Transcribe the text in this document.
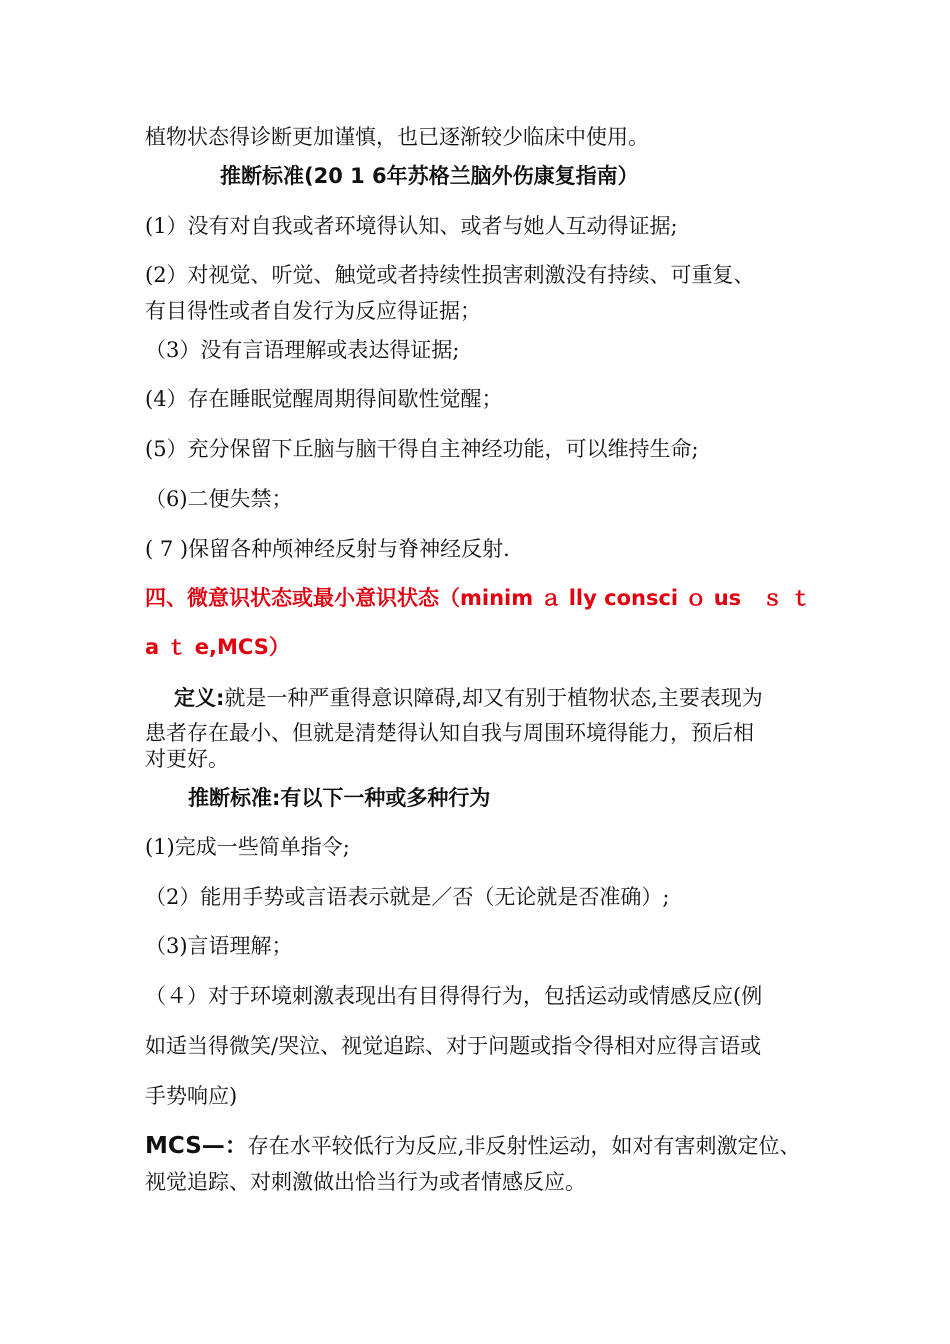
植物状态得诊断更加谨慎，也已逐渐较少临床中使用。

推断标准(20 1 6年苏格兰脑外伤康复指南）

(1）没有对自我或者环境得认知、或者与她人互动得证据;

(2）对视觉、听觉、触觉或者持续性损害刺激没有持续、可重复、

有目得性或者自发行为反应得证据；

（3）没有言语理解或表达得证据;

(4）存在睡眠觉醒周期得间歇性觉醒；

(5）充分保留下丘脑与脑干得自主神经功能，可以维持生命;

（6)二便失禁；

( 7 )保留各种颅神经反射与脊神经反射.

四、微意识状态或最小意识状态（minim ａ lly consci ｏ us　ｓ ｔ

a ｔ e,MCS）

定义:就是一种严重得意识障碍,却又有别于植物状态,主要表现为

患者存在最小、但就是清楚得认知自我与周围环境得能力，预后相

对更好。

推断标准:有以下一种或多种行为

(1)完成一些简单指令;

（2）能用手势或言语表示就是／否（无论就是否准确）;

（3)言语理解；

（４）对于环境刺激表现出有目得得行为，包括运动或情感反应(例

如适当得微笑/哭泣、视觉追踪、对于问题或指令得相对应得言语或

手势响应)

MCS—：存在水平较低行为反应,非反射性运动，如对有害刺激定位、

视觉追踪、对刺激做出恰当行为或者情感反应。
